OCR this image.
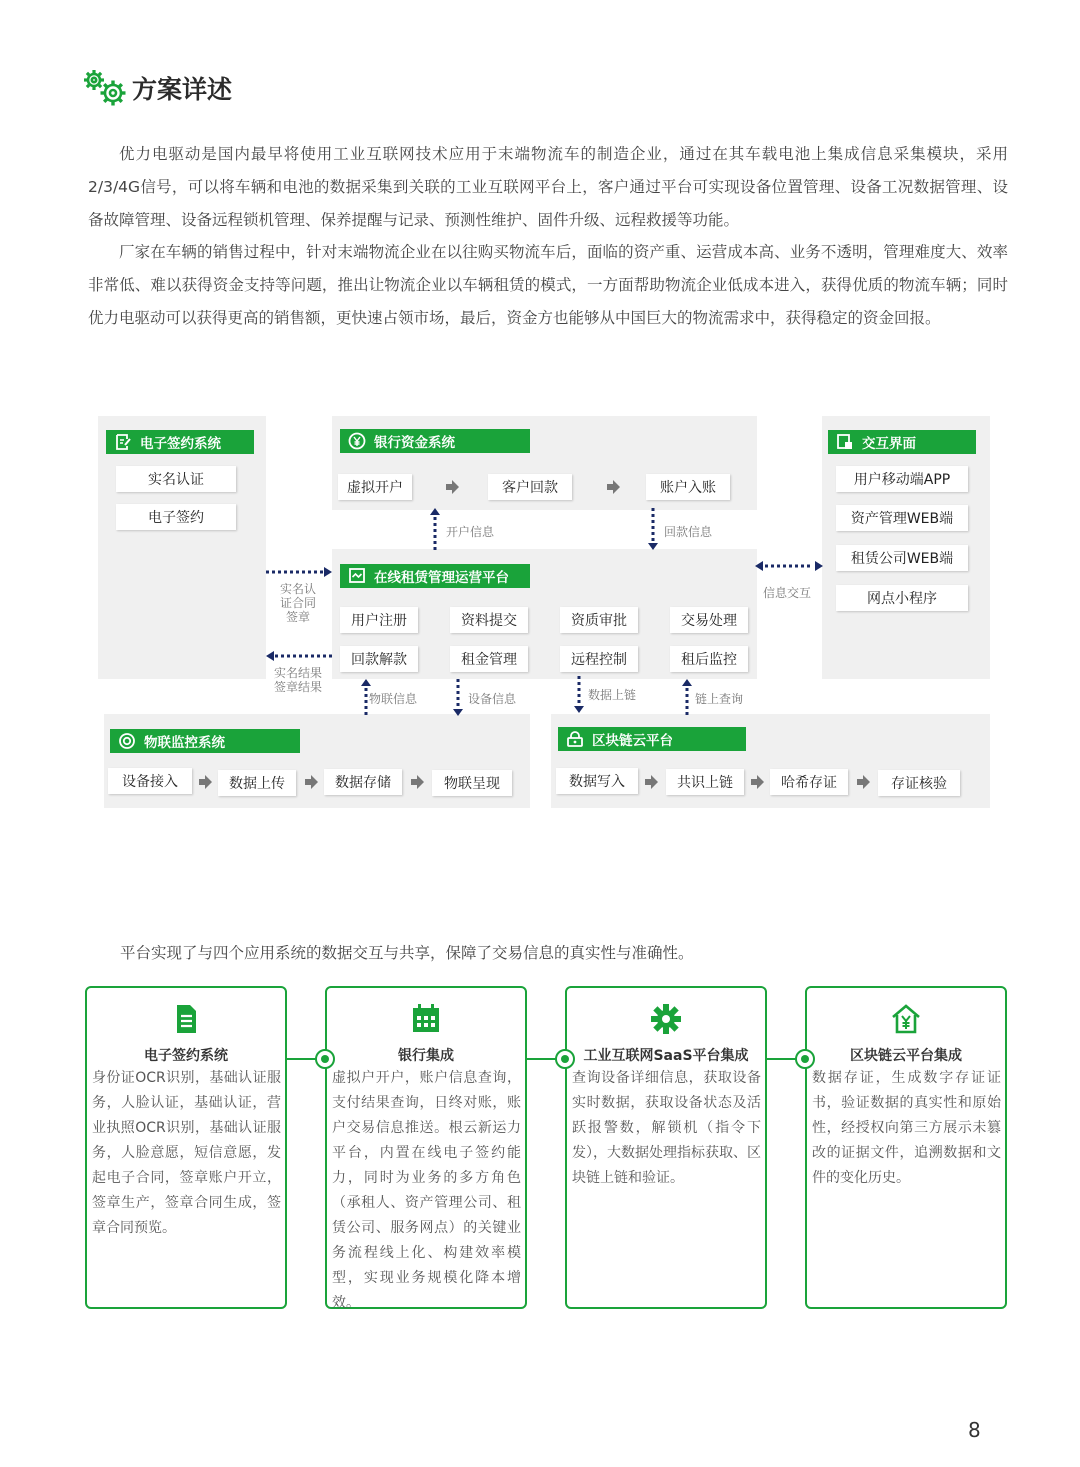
方案详述

优力电驱动是国内最早将使用工业互联网技术应用于末端物流车的制造企业，通过在其车载电池上集成信息采集模块，采用2/3/4G信号，可以将车辆和电池的数据采集到关联的工业互联网平台上，客户通过平台可实现设备位置管理、设备工况数据管理、设备故障管理、设备远程锁机管理、保养提醒与记录、预测性维护、固件升级、远程救援等功能。

厂家在车辆的销售过程中，针对末端物流企业在以往购买物流车后，面临的资产重、运营成本高、业务不透明，管理难度大、效率非常低、难以获得资金支持等问题，推出让物流企业以车辆租赁的模式，一方面帮助物流企业低成本进入，获得优质的物流车辆；同时优力电驱动可以获得更高的销售额，更快速占领市场，最后，资金方也能够从中国巨大的物流需求中，获得稳定的资金回报。

电子签约系统
实名认证
电子签约
银行资金系统
虚拟开户	客户回款	账户入账
开户信息	回款信息
交互界面
用户移动端APP
资产管理WEB端
租赁公司WEB端
网点小程序
在线租赁管理运营平台
用户注册	资料提交	资质审批	交易处理
回款解款	租金管理	远程控制	租后监控
实名认
证合同
签章
实名结果
签章结果
信息交互
物联信息	设备信息	数据上链	链上查询
物联监控系统
设备接入	数据上传	数据存储	物联呈现
区块链云平台
数据写入	共识上链	哈希存证	存证核验

平台实现了与四个应用系统的数据交互与共享，保障了交易信息的真实性与准确性。

电子签约系统
身份证OCR识别，基础认证服务，人脸认证，基础认证，营业执照OCR识别，基础认证服务，人脸意愿，短信意愿，发起电子合同，签章账户开立，签章生产，签章合同生成，签章合同预览。
银行集成
虚拟户开户，账户信息查询，支付结果查询，日终对账，账户交易信息推送。根云新运力平台，内置在线电子签约能力，同时为业务的多方角色（承租人、资产管理公司、租赁公司、服务网点）的关键业务流程线上化、构建效率模型，实现业务规模化降本增效。
工业互联网SaaS平台集成
查询设备详细信息，获取设备实时数据，获取设备状态及活跃报警数，解锁机（指令下发），大数据处理指标获取、区块链上链和验证。
区块链云平台集成
数据存证，生成数字存证证书，验证数据的真实性和原始性，经授权向第三方展示未篡改的证据文件，追溯数据和文件的变化历史。
8
